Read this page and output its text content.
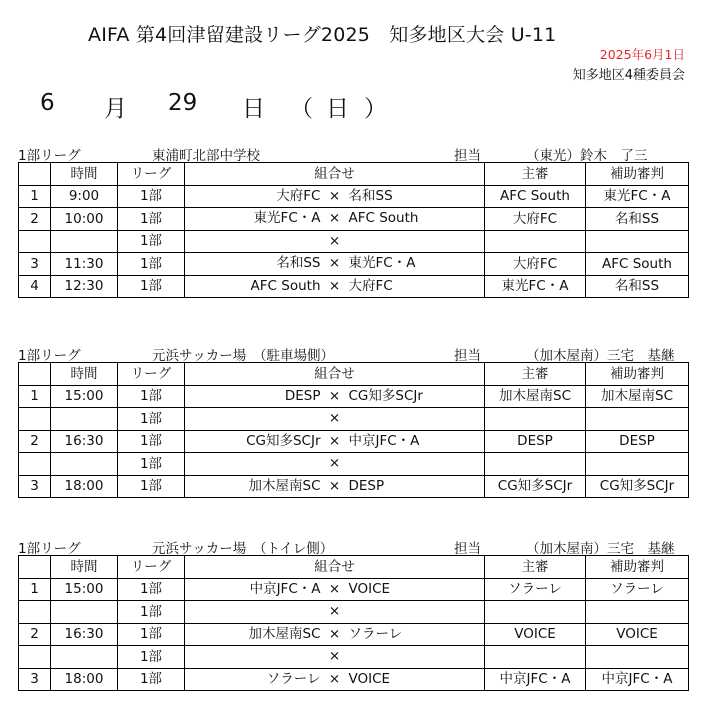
AIFA 第4回津留建設リーグ2025　知多地区大会 U-11
2025年6月1日
知多地区4種委員会
6 月 29 日 （ 日 ）
1部リーグ	東浦町北部中学校	担当	（東光）鈴木　了三
	時間	リーグ	組合せ	主審	補助審判
1	9:00	1部	大府FC × 名和SS	AFC South	東光FC・A
2	10:00	1部	東光FC・A × AFC South	大府FC	名和SS
		1部	×		

3	11:30	1部	名和SS × 東光FC・A	大府FC	AFC South
4	12:30	1部	AFC South × 大府FC	東光FC・A	名和SS
1部リーグ	元浜サッカー場　（駐車場側）	担当	（加木屋南）三宅　基継
	時間	リーグ	組合せ	主審	補助審判
1	15:00	1部	DESP × CG知多SCJr	加木屋南SC	加木屋南SC
		1部	×		

2	16:30	1部	CG知多SCJr × 中京JFC・A	DESP	DESP
		1部	×		

3	18:00	1部	加木屋南SC × DESP	CG知多SCJr	CG知多SCJr
1部リーグ	元浜サッカー場　（トイレ側）	担当	（加木屋南）三宅　基継
	時間	リーグ	組合せ	主審	補助審判
1	15:00	1部	中京JFC・A × VOICE	ソラーレ	ソラーレ
		1部	×		

2	16:30	1部	加木屋南SC × ソラーレ	VOICE	VOICE
		1部	×		

3	18:00	1部	ソラーレ × VOICE	中京JFC・A	中京JFC・A
